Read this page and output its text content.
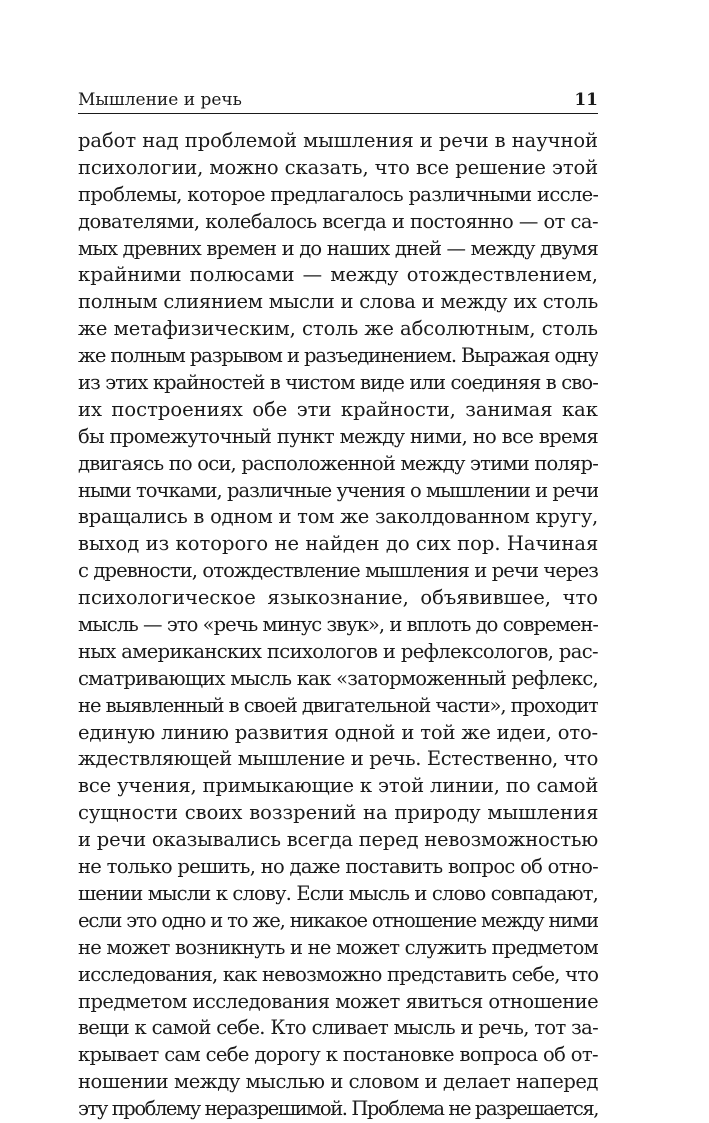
Мышление и речь	11
работ над проблемой мышления и речи в научной
психологии, можно сказать, что все решение этой
проблемы, которое предлагалось различными иссле-
дователями, колебалось всегда и постоянно — от са-
мых древних времен и до наших дней — между двумя
крайними полюсами — между отождествлением,
полным слиянием мысли и слова и между их столь
же метафизическим, столь же абсолютным, столь
же полным разрывом и разъединением. Выражая одну
из этих крайностей в чистом виде или соединяя в сво-
их построениях обе эти крайности, занимая как
бы промежуточный пункт между ними, но все время
двигаясь по оси, расположенной между этими поляр-
ными точками, различные учения о мышлении и речи
вращались в одном и том же заколдованном кругу,
выход из которого не найден до сих пор. Начиная
с древности, отождествление мышления и речи через
психологическое языкознание, объявившее, что
мысль — это «речь минус звук», и вплоть до современ-
ных американских психологов и рефлексологов, рас-
сматривающих мысль как «заторможенный рефлекс,
не выявленный в своей двигательной части», проходит
единую линию развития одной и той же идеи, ото-
ждествляющей мышление и речь. Естественно, что
все учения, примыкающие к этой линии, по самой
сущности своих воззрений на природу мышления
и речи оказывались всегда перед невозможностью
не только решить, но даже поставить вопрос об отно-
шении мысли к слову. Если мысль и слово совпадают,
если это одно и то же, никакое отношение между ними
не может возникнуть и не может служить предметом
исследования, как невозможно представить себе, что
предметом исследования может явиться отношение
вещи к самой себе. Кто сливает мысль и речь, тот за-
крывает сам себе дорогу к постановке вопроса об от-
ношении между мыслью и словом и делает наперед
эту проблему неразрешимой. Проблема не разрешается,
